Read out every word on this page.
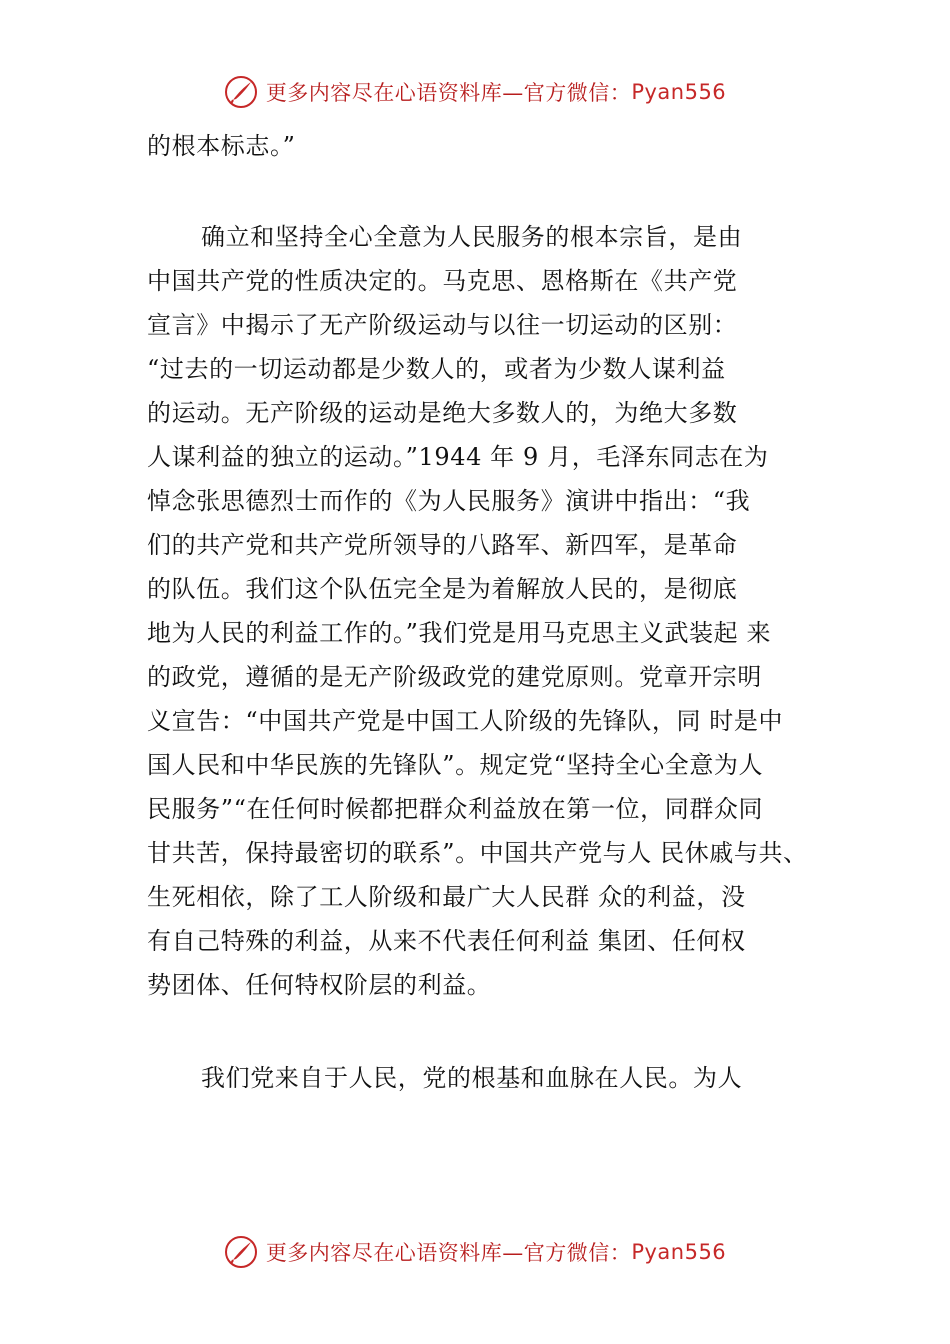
更多内容尽在心语资料库—官方微信： Pyan556
的根本标志。”
确立和坚持全心全意为人民服务的根本宗旨，是由
中国共产党的性质决定的。马克思、恩格斯在《共产党
宣言》中揭示了无产阶级运动与以往一切运动的区别：
“过去的一切运动都是少数人的，或者为少数人谋利益
的运动。无产阶级的运动是绝大多数人的，为绝大多数
人谋利益的独立的运动。”1944 年 9 月，毛泽东同志在为
悼念张思德烈士而作的《为人民服务》演讲中指出：“我
们的共产党和共产党所领导的八路军、新四军，是革命
的队伍。我们这个队伍完全是为着解放人民的，是彻底
地为人民的利益工作的。”我们党是用马克思主义武装起 来
的政党，遵循的是无产阶级政党的建党原则。党章开宗明
义宣告：“中国共产党是中国工人阶级的先锋队，同 时是中
国人民和中华民族的先锋队”。规定党“坚持全心全意为人
民服务”“在任何时候都把群众利益放在第一位，同群众同
甘共苦，保持最密切的联系”。中国共产党与人 民休戚与共、
生死相依，除了工人阶级和最广大人民群 众的利益，没
有自己特殊的利益，从来不代表任何利益 集团、任何权
势团体、任何特权阶层的利益。
我们党来自于人民，党的根基和血脉在人民。为人
更多内容尽在心语资料库—官方微信： Pyan556
